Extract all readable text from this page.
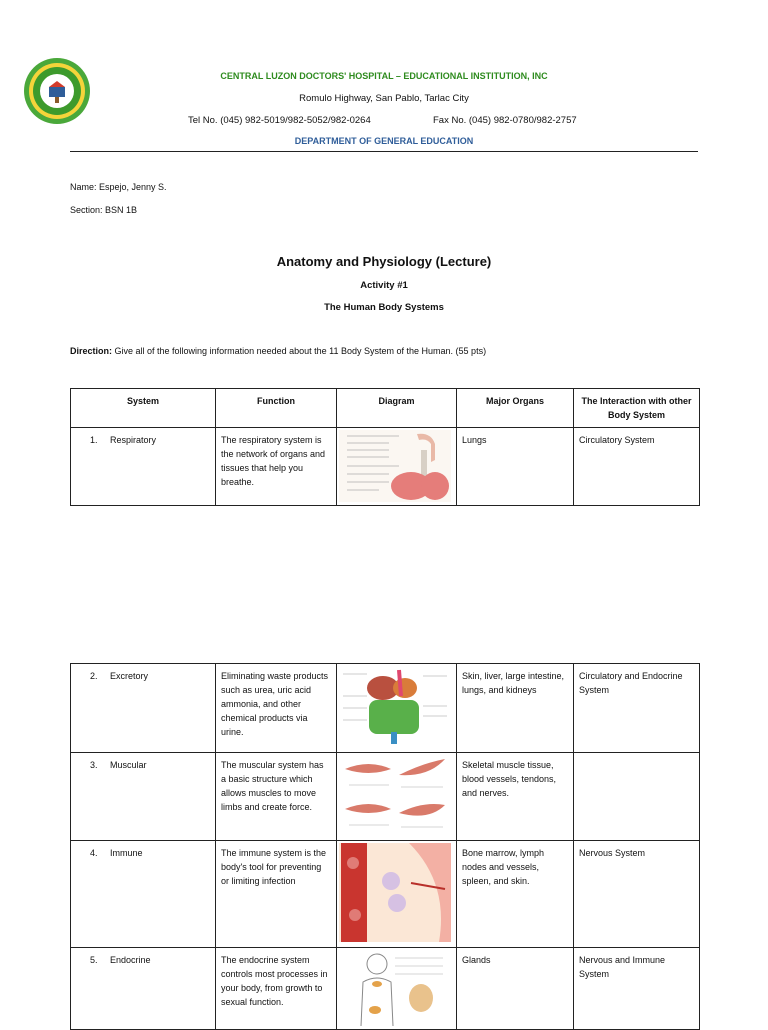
CENTRAL LUZON DOCTORS' HOSPITAL – EDUCATIONAL INSTITUTION, INC
Romulo Highway, San Pablo, Tarlac City
Tel No. (045) 982-5019/982-5052/982-0264	Fax No. (045) 982-0780/982-2757
DEPARTMENT OF GENERAL EDUCATION
Name: Espejo, Jenny S.
Section: BSN 1B
Anatomy and Physiology (Lecture)
Activity #1
The Human Body Systems
Direction: Give all of the following information needed about the 11 Body System of the Human. (55 pts)
System	Function	Diagram	Major Organs	The Interaction with other Body System
1. Respiratory	The respiratory system is the network of organs and tissues that help you breathe.		Lungs	Circulatory System
2. Excretory	Eliminating waste products such as urea, uric acid ammonia, and other chemical products via urine.		Skin, liver, large intestine, lungs, and kidneys	Circulatory and Endocrine System
3. Muscular	The muscular system has a basic structure which allows muscles to move limbs and create force.		Skeletal muscle tissue, blood vessels, tendons, and nerves.	
4. Immune	The immune system is the body's tool for preventing or limiting infection		Bone marrow, lymph nodes and vessels, spleen, and skin.	Nervous System
5. Endocrine	The endocrine system controls most processes in your body, from growth to sexual function.		Glands	Nervous and Immune System
